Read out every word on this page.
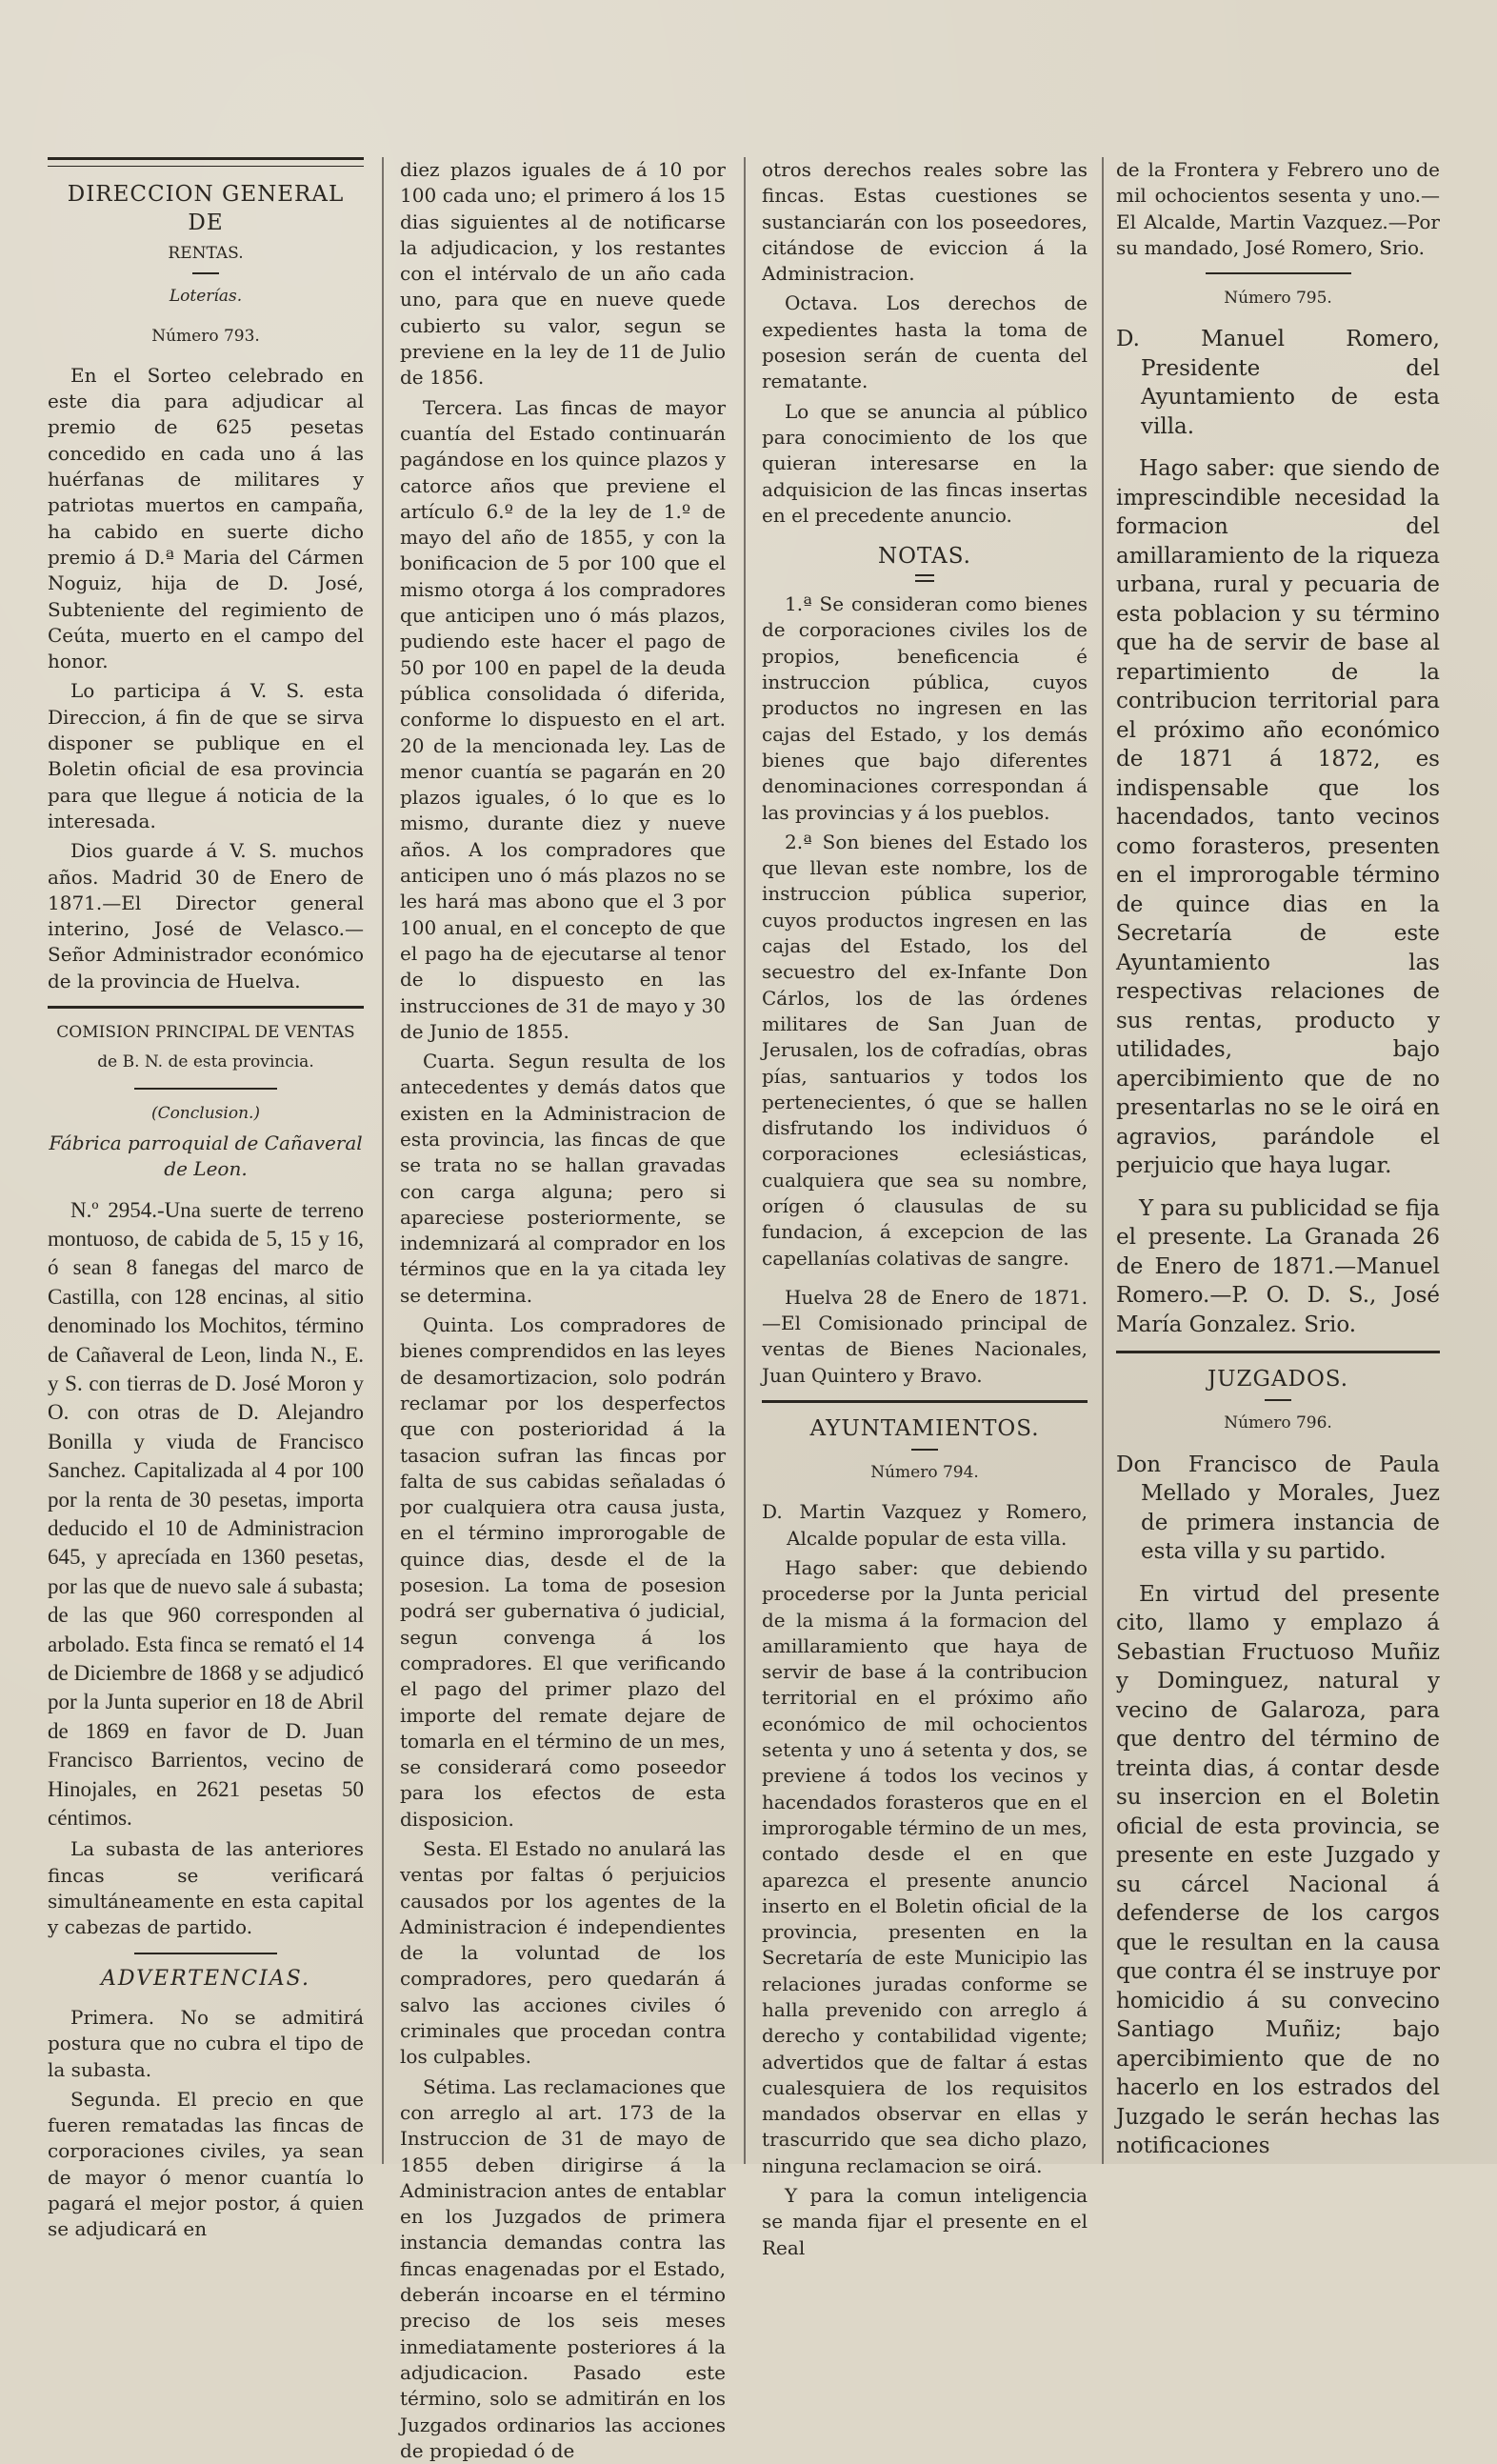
DIRECCION GENERAL DE

RENTAS.

Loterías.

Número 793.

En el Sorteo celebrado en este dia para adjudicar al premio de 625 pesetas concedido en cada uno á las huérfanas de militares y patriotas muertos en campaña, ha cabido en suerte dicho premio á D.ª Maria del Cármen Noguiz, hija de D. José, Subteniente del regimiento de Ceúta, muerto en el campo del honor.

Lo participa á V. S. esta Direccion, á fin de que se sirva disponer se publique en el Boletin oficial de esa provincia para que llegue á noticia de la interesada.

Dios guarde á V. S. muchos años. Madrid 30 de Enero de 1871.—El Director general interino, José de Velasco.—Señor Administrador económico de la provincia de Huelva.

COMISION PRINCIPAL DE VENTAS

de B. N. de esta provincia.

(Conclusion.)

Fábrica parroquial de Cañaveral de Leon.

N.º 2954.-Una suerte de terreno montuoso, de cabida de 5, 15 y 16, ó sean 8 fanegas del marco de Castilla, con 128 encinas, al sitio denominado los Mochitos, término de Cañaveral de Leon, linda N., E. y S. con tierras de D. José Moron y O. con otras de D. Alejandro Bonilla y viuda de Francisco Sanchez. Capitalizada al 4 por 100 por la renta de 30 pesetas, importa deducido el 10 de Administracion 645, y aprecíada en 1360 pesetas, por las que de nuevo sale á subasta; de las que 960 corresponden al arbolado. Esta finca se remató el 14 de Diciembre de 1868 y se adjudicó por la Junta superior en 18 de Abril de 1869 en favor de D. Juan Francisco Barrientos, vecino de Hinojales, en 2621 pesetas 50 céntimos.

La subasta de las anteriores fincas se verificará simultáneamente en esta capital y cabezas de partido.

ADVERTENCIAS.

Primera. No se admitirá postura que no cubra el tipo de la subasta.

Segunda. El precio en que fueren rematadas las fincas de corporaciones civiles, ya sean de mayor ó menor cuantía lo pagará el mejor postor, á quien se adjudicará en

diez plazos iguales de á 10 por 100 cada uno; el primero á los 15 dias siguientes al de notificarse la adjudicacion, y los restantes con el intérvalo de un año cada uno, para que en nueve quede cubierto su valor, segun se previene en la ley de 11 de Julio de 1856.

Tercera. Las fincas de mayor cuantía del Estado continuarán pagándose en los quince plazos y catorce años que previene el artículo 6.º de la ley de 1.º de mayo del año de 1855, y con la bonificacion de 5 por 100 que el mismo otorga á los compradores que anticipen uno ó más plazos, pudiendo este hacer el pago de 50 por 100 en papel de la deuda pública consolidada ó diferida, conforme lo dispuesto en el art. 20 de la mencionada ley. Las de menor cuantía se pagarán en 20 plazos iguales, ó lo que es lo mismo, durante diez y nueve años. A los compradores que anticipen uno ó más plazos no se les hará mas abono que el 3 por 100 anual, en el concepto de que el pago ha de ejecutarse al tenor de lo dispuesto en las instrucciones de 31 de mayo y 30 de Junio de 1855.

Cuarta. Segun resulta de los antecedentes y demás datos que existen en la Administracion de esta provincia, las fincas de que se trata no se hallan gravadas con carga alguna; pero si apareciese posteriormente, se indemnizará al comprador en los términos que en la ya citada ley se determina.

Quinta. Los compradores de bienes comprendidos en las leyes de desamortizacion, solo podrán reclamar por los desperfectos que con posterioridad á la tasacion sufran las fincas por falta de sus cabidas señaladas ó por cualquiera otra causa justa, en el término improrogable de quince dias, desde el de la posesion. La toma de posesion podrá ser gubernativa ó judicial, segun convenga á los compradores. El que verificando el pago del primer plazo del importe del remate dejare de tomarla en el término de un mes, se considerará como poseedor para los efectos de esta disposicion.

Sesta. El Estado no anulará las ventas por faltas ó perjuicios causados por los agentes de la Administracion é independientes de la voluntad de los compradores, pero quedarán á salvo las acciones civiles ó criminales que procedan contra los culpables.

Sétima. Las reclamaciones que con arreglo al art. 173 de la Instruccion de 31 de mayo de 1855 deben dirigirse á la Administracion antes de entablar en los Juzgados de primera instancia demandas contra las fincas enagenadas por el Estado, deberán incoarse en el término preciso de los seis meses inmediatamente posteriores á la adjudicacion. Pasado este término, solo se admitirán en los Juzgados ordinarios las acciones de propiedad ó de

otros derechos reales sobre las fincas. Estas cuestiones se sustanciarán con los poseedores, citándose de eviccion á la Administracion.

Octava. Los derechos de expedientes hasta la toma de posesion serán de cuenta del rematante.

Lo que se anuncia al público para conocimiento de los que quieran interesarse en la adquisicion de las fincas insertas en el precedente anuncio.

NOTAS.

1.ª Se consideran como bienes de corporaciones civiles los de propios, beneficencia é instruccion pública, cuyos productos no ingresen en las cajas del Estado, y los demás bienes que bajo diferentes denominaciones correspondan á las provincias y á los pueblos.

2.ª Son bienes del Estado los que llevan este nombre, los de instruccion pública superior, cuyos productos ingresen en las cajas del Estado, los del secuestro del ex-Infante Don Cárlos, los de las órdenes militares de San Juan de Jerusalen, los de cofradías, obras pías, santuarios y todos los pertenecientes, ó que se hallen disfrutando los individuos ó corporaciones eclesiásticas, cualquiera que sea su nombre, orígen ó clausulas de su fundacion, á excepcion de las capellanías colativas de sangre.

Huelva 28 de Enero de 1871. —El Comisionado principal de ventas de Bienes Nacionales, Juan Quintero y Bravo.

AYUNTAMIENTOS.

Número 794.

D. Martin Vazquez y Romero, Alcalde popular de esta villa.

Hago saber: que debiendo procederse por la Junta pericial de la misma á la formacion del amillaramiento que haya de servir de base á la contribucion territorial en el próximo año económico de mil ochocientos setenta y uno á setenta y dos, se previene á todos los vecinos y hacendados forasteros que en el improrogable término de un mes, contado desde el en que aparezca el presente anuncio inserto en el Boletin oficial de la provincia, presenten en la Secretaría de este Municipio las relaciones juradas conforme se halla prevenido con arreglo á derecho y contabilidad vigente; advertidos que de faltar á estas cualesquiera de los requisitos mandados observar en ellas y trascurrido que sea dicho plazo, ninguna reclamacion se oirá.

Y para la comun inteligencia se manda fijar el presente en el Real

de la Frontera y Febrero uno de mil ochocientos sesenta y uno.—El Alcalde, Martin Vazquez.—Por su mandado, José Romero, Srio.

Número 795.

D. Manuel Romero, Presidente del Ayuntamiento de esta villa.

Hago saber: que siendo de imprescindible necesidad la formacion del amillaramiento de la riqueza urbana, rural y pecuaria de esta poblacion y su término que ha de servir de base al repartimiento de la contribucion territorial para el próximo año económico de 1871 á 1872, es indispensable que los hacendados, tanto vecinos como forasteros, presenten en el improrogable término de quince dias en la Secretaría de este Ayuntamiento las respectivas relaciones de sus rentas, producto y utilidades, bajo apercibimiento que de no presentarlas no se le oirá en agravios, parándole el perjuicio que haya lugar.

Y para su publicidad se fija el presente. La Granada 26 de Enero de 1871.—Manuel Romero.—P. O. D. S., José María Gonzalez. Srio.

JUZGADOS.

Número 796.

Don Francisco de Paula Mellado y Morales, Juez de primera instancia de esta villa y su partido.

En virtud del presente cito, llamo y emplazo á Sebastian Fructuoso Muñiz y Dominguez, natural y vecino de Galaroza, para que dentro del término de treinta dias, á contar desde su insercion en el Boletin oficial de esta provincia, se presente en este Juzgado y su cárcel Nacional á defenderse de los cargos que le resultan en la causa que contra él se instruye por homicidio á su convecino Santiago Muñiz; bajo apercibimiento que de no hacerlo en los estrados del Juzgado le serán hechas las notificaciones
